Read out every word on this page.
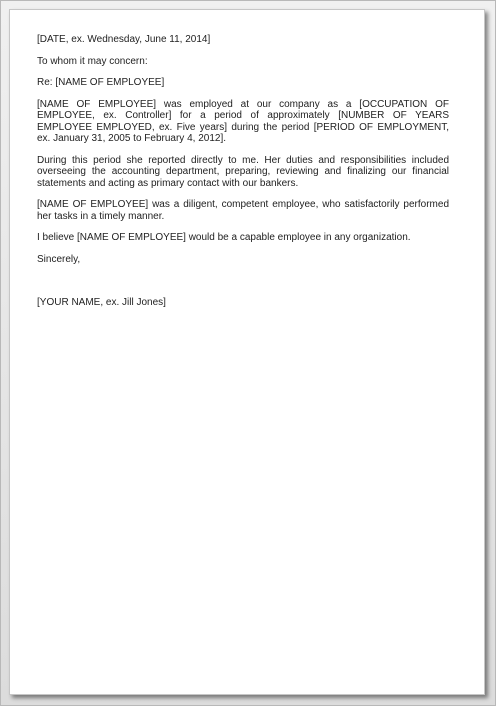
[DATE, ex. Wednesday, June 11, 2014]

To whom it may concern:

Re: [NAME OF EMPLOYEE]

[NAME OF EMPLOYEE] was employed at our company as a [OCCUPATION OF EMPLOYEE, ex. Controller] for a period of approximately [NUMBER OF YEARS EMPLOYEE EMPLOYED, ex. Five years] during the period [PERIOD OF EMPLOYMENT, ex. January 31, 2005 to February 4, 2012].

During this period she reported directly to me. Her duties and responsibilities included overseeing the accounting department, preparing, reviewing and finalizing our financial statements and acting as primary contact with our bankers.

[NAME OF EMPLOYEE] was a diligent, competent employee, who satisfactorily performed her tasks in a timely manner.

I believe [NAME OF EMPLOYEE] would be a capable employee in any organization.

Sincerely,

[YOUR NAME, ex. Jill Jones]
